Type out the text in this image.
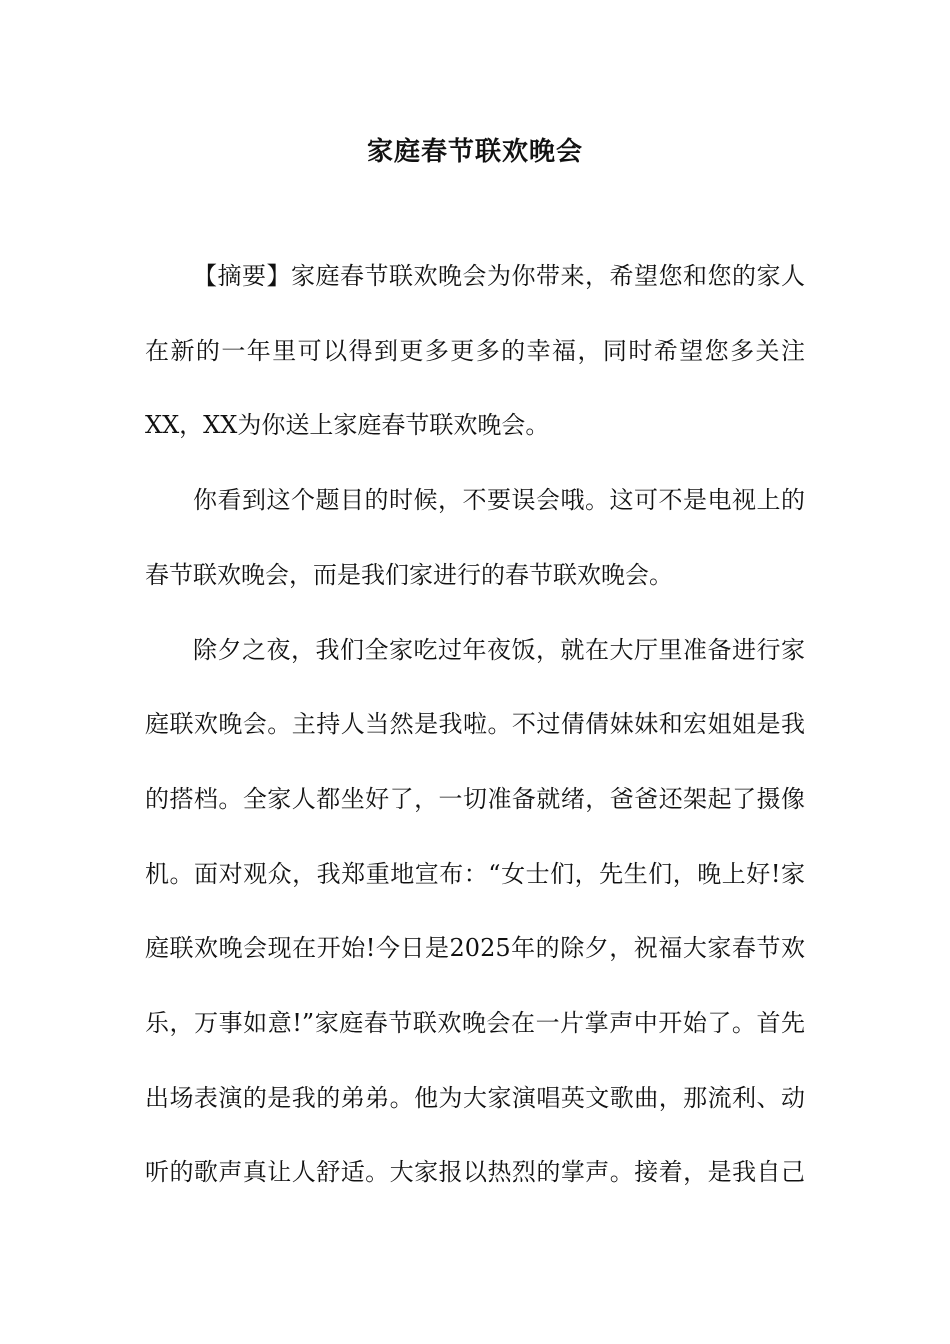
家庭春节联欢晚会
【摘要】家庭春节联欢晚会为你带来，希望您和您的家人
在新的一年里可以得到更多更多的幸福，同时希望您多关注
XX，XX为你送上家庭春节联欢晚会。
你看到这个题目的时候，不要误会哦。这可不是电视上的
春节联欢晚会，而是我们家进行的春节联欢晚会。
除夕之夜，我们全家吃过年夜饭，就在大厅里准备进行家
庭联欢晚会。主持人当然是我啦。不过倩倩妹妹和宏姐姐是我
的搭档。全家人都坐好了，一切准备就绪，爸爸还架起了摄像
机。面对观众，我郑重地宣布：“女士们，先生们，晚上好!家
庭联欢晚会现在开始!今日是2025年的除夕，祝福大家春节欢
乐，万事如意!”家庭春节联欢晚会在一片掌声中开始了。首先
出场表演的是我的弟弟。他为大家演唱英文歌曲，那流利、动
听的歌声真让人舒适。大家报以热烈的掌声。接着，是我自己
